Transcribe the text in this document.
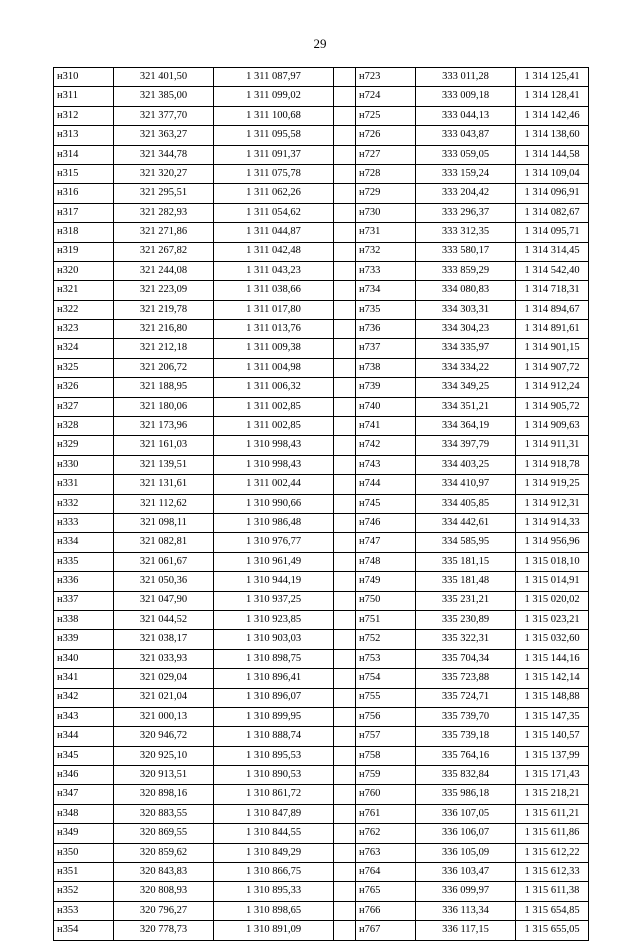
29
н310	321 401,50	1 311 087,97		н723	333 011,28	1 314 125,41
н311	321 385,00	1 311 099,02		н724	333 009,18	1 314 128,41
н312	321 377,70	1 311 100,68		н725	333 044,13	1 314 142,46
н313	321 363,27	1 311 095,58		н726	333 043,87	1 314 138,60
н314	321 344,78	1 311 091,37		н727	333 059,05	1 314 144,58
н315	321 320,27	1 311 075,78		н728	333 159,24	1 314 109,04
н316	321 295,51	1 311 062,26		н729	333 204,42	1 314 096,91
н317	321 282,93	1 311 054,62		н730	333 296,37	1 314 082,67
н318	321 271,86	1 311 044,87		н731	333 312,35	1 314 095,71
н319	321 267,82	1 311 042,48		н732	333 580,17	1 314 314,45
н320	321 244,08	1 311 043,23		н733	333 859,29	1 314 542,40
н321	321 223,09	1 311 038,66		н734	334 080,83	1 314 718,31
н322	321 219,78	1 311 017,80		н735	334 303,31	1 314 894,67
н323	321 216,80	1 311 013,76		н736	334 304,23	1 314 891,61
н324	321 212,18	1 311 009,38		н737	334 335,97	1 314 901,15
н325	321 206,72	1 311 004,98		н738	334 334,22	1 314 907,72
н326	321 188,95	1 311 006,32		н739	334 349,25	1 314 912,24
н327	321 180,06	1 311 002,85		н740	334 351,21	1 314 905,72
н328	321 173,96	1 311 002,85		н741	334 364,19	1 314 909,63
н329	321 161,03	1 310 998,43		н742	334 397,79	1 314 911,31
н330	321 139,51	1 310 998,43		н743	334 403,25	1 314 918,78
н331	321 131,61	1 311 002,44		н744	334 410,97	1 314 919,25
н332	321 112,62	1 310 990,66		н745	334 405,85	1 314 912,31
н333	321 098,11	1 310 986,48		н746	334 442,61	1 314 914,33
н334	321 082,81	1 310 976,77		н747	334 585,95	1 314 956,96
н335	321 061,67	1 310 961,49		н748	335 181,15	1 315 018,10
н336	321 050,36	1 310 944,19		н749	335 181,48	1 315 014,91
н337	321 047,90	1 310 937,25		н750	335 231,21	1 315 020,02
н338	321 044,52	1 310 923,85		н751	335 230,89	1 315 023,21
н339	321 038,17	1 310 903,03		н752	335 322,31	1 315 032,60
н340	321 033,93	1 310 898,75		н753	335 704,34	1 315 144,16
н341	321 029,04	1 310 896,41		н754	335 723,88	1 315 142,14
н342	321 021,04	1 310 896,07		н755	335 724,71	1 315 148,88
н343	321 000,13	1 310 899,95		н756	335 739,70	1 315 147,35
н344	320 946,72	1 310 888,74		н757	335 739,18	1 315 140,57
н345	320 925,10	1 310 895,53		н758	335 764,16	1 315 137,99
н346	320 913,51	1 310 890,53		н759	335 832,84	1 315 171,43
н347	320 898,16	1 310 861,72		н760	335 986,18	1 315 218,21
н348	320 883,55	1 310 847,89		н761	336 107,05	1 315 611,21
н349	320 869,55	1 310 844,55		н762	336 106,07	1 315 611,86
н350	320 859,62	1 310 849,29		н763	336 105,09	1 315 612,22
н351	320 843,83	1 310 866,75		н764	336 103,47	1 315 612,33
н352	320 808,93	1 310 895,33		н765	336 099,97	1 315 611,38
н353	320 796,27	1 310 898,65		н766	336 113,34	1 315 654,85
н354	320 778,73	1 310 891,09		н767	336 117,15	1 315 655,05
